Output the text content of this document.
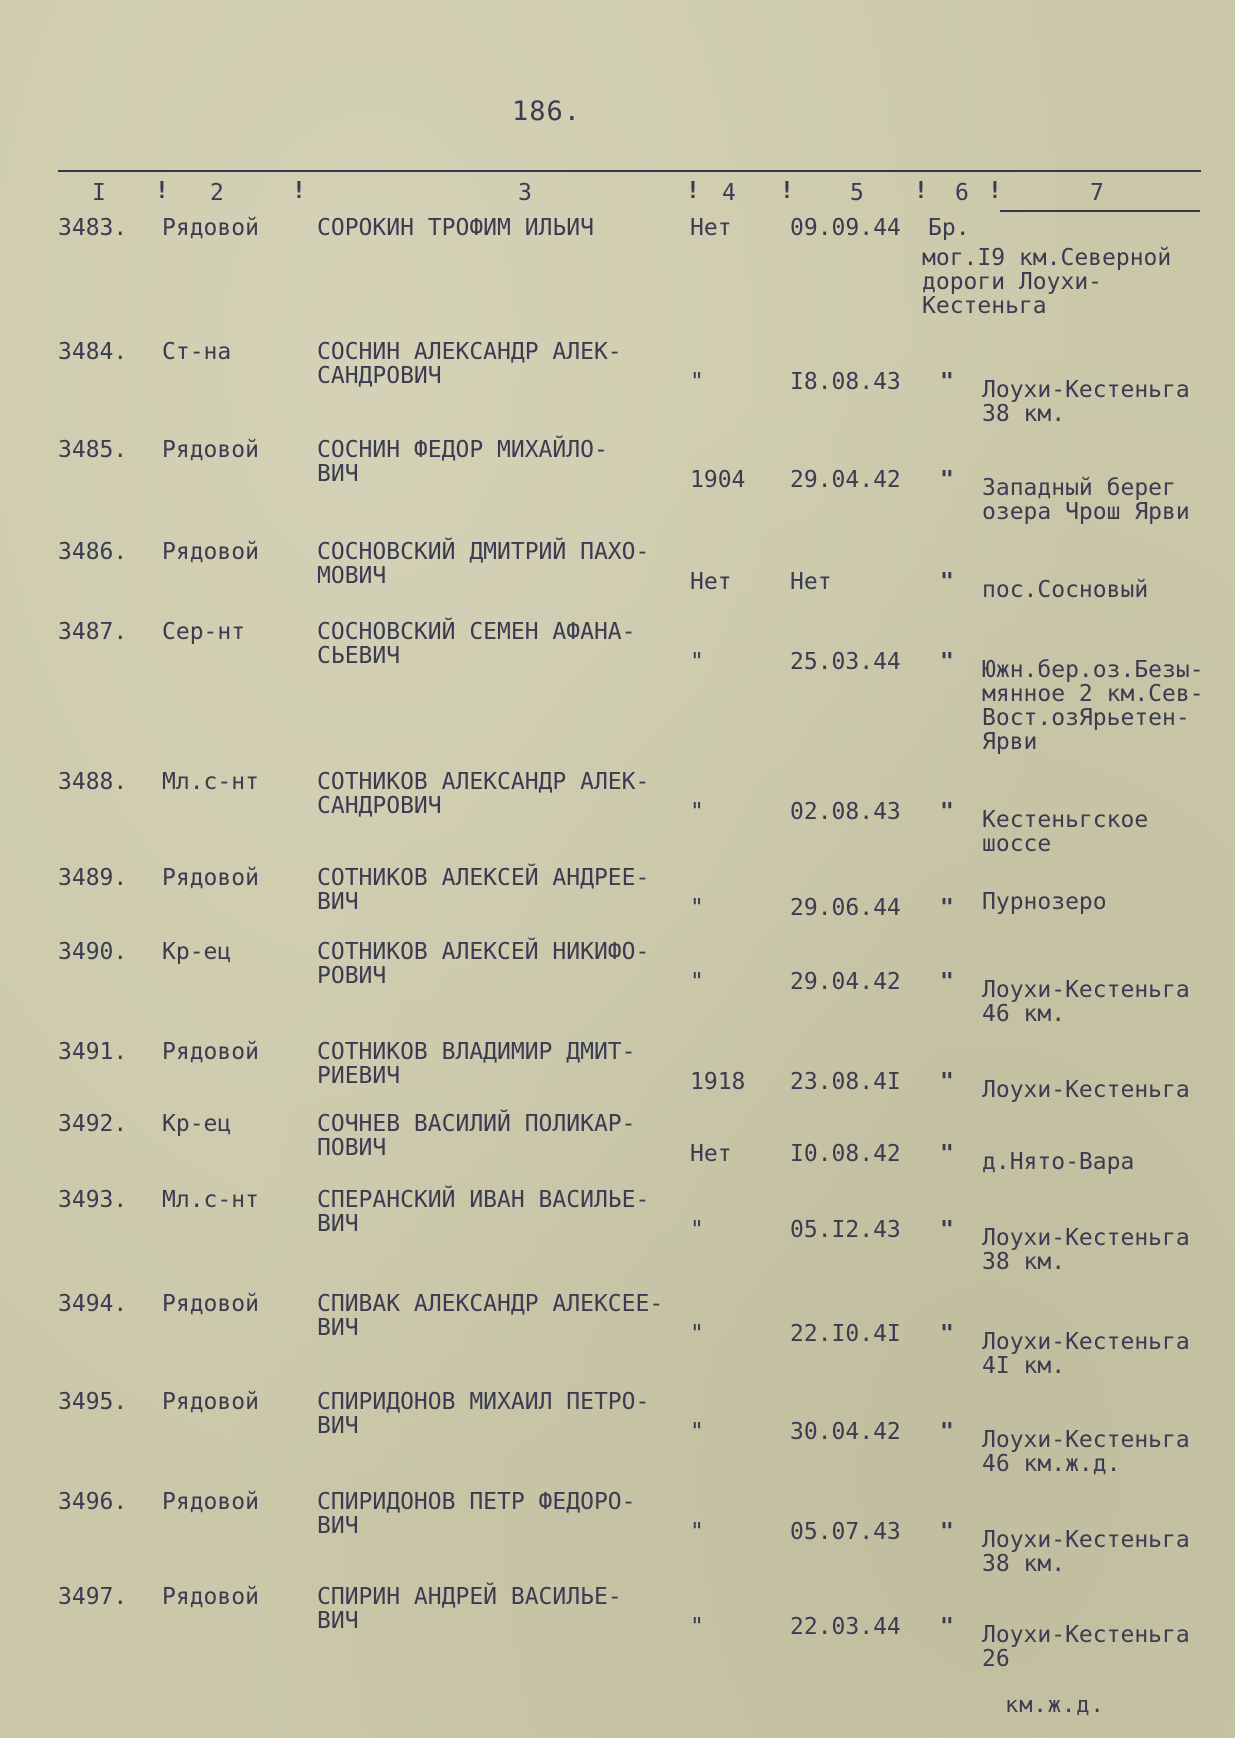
186.
I ! 2	!	3	! 4 ! 5 ! 6 !	7
3483. Рядовой	СОРОКИН ТРОФИМ ИЛЬИЧ	Нет	09.09.44 Бр.
мог.I9 км.Северной
дороги Лоухи-
Кестеньга
3484. Ст-на	СОСНИН АЛЕКСАНДР АЛЕК-
САНДРОВИЧ	"	I8.08.43 " Лоухи-Кестеньга
38 км.
3485. Рядовой	СОСНИН ФЕДОР МИХАЙЛО-
ВИЧ	1904 29.04.42 " Западный берег
озера Чрош Ярви
3486. Рядовой	СОСНОВСКИЙ ДМИТРИЙ ПАХО-
МОВИЧ	Нет	Нет	" пос.Сосновый
3487. Сер-нт	СОСНОВСКИЙ СЕМЕН АФАНА-
СЬЕВИЧ	"	25.03.44 " Южн.бер.оз.Безы-
мянное 2 км.Сев-
Вост.озЯрьетен-
Ярви
3488. Мл.с-нт	СОТНИКОВ АЛЕКСАНДР АЛЕК-
САНДРОВИЧ	"	02.08.43 " Кестеньгское
шоссе
3489. Рядовой	СОТНИКОВ АЛЕКСЕЙ АНДРЕЕ-
ВИЧ	"	29.06.44 " Пурнозеро
3490. Кр-ец	СОТНИКОВ АЛЕКСЕЙ НИКИФО-
РОВИЧ	"	29.04.42 " Лоухи-Кестеньга
46 км.
3491. Рядовой	СОТНИКОВ ВЛАДИМИР ДМИТ-
РИЕВИЧ	1918 23.08.4I " Лоухи-Кестеньга
3492. Кр-ец	СОЧНЕВ ВАСИЛИЙ ПОЛИКАР-
ПОВИЧ	Нет	I0.08.42 " д.Нято-Вара
3493. Мл.с-нт	СПЕРАНСКИЙ ИВАН ВАСИЛЬЕ-
ВИЧ	"	05.I2.43 " Лоухи-Кестеньга
38 км.
3494. Рядовой	СПИВАК АЛЕКСАНДР АЛЕКСЕЕ-
ВИЧ	"	22.I0.4I " Лоухи-Кестеньга
4I км.
3495. Рядовой	СПИРИДОНОВ МИХАИЛ ПЕТРО-
ВИЧ	"	30.04.42 " Лоухи-Кестеньга
46 км.ж.д.
3496. Рядовой	СПИРИДОНОВ ПЕТР ФЕДОРО-
ВИЧ	"	05.07.43 " Лоухи-Кестеньга
38 км.
3497. Рядовой	СПИРИН АНДРЕЙ ВАСИЛЬЕ-
ВИЧ	"	22.03.44 " Лоухи-Кестеньга
26
км.ж.д.
